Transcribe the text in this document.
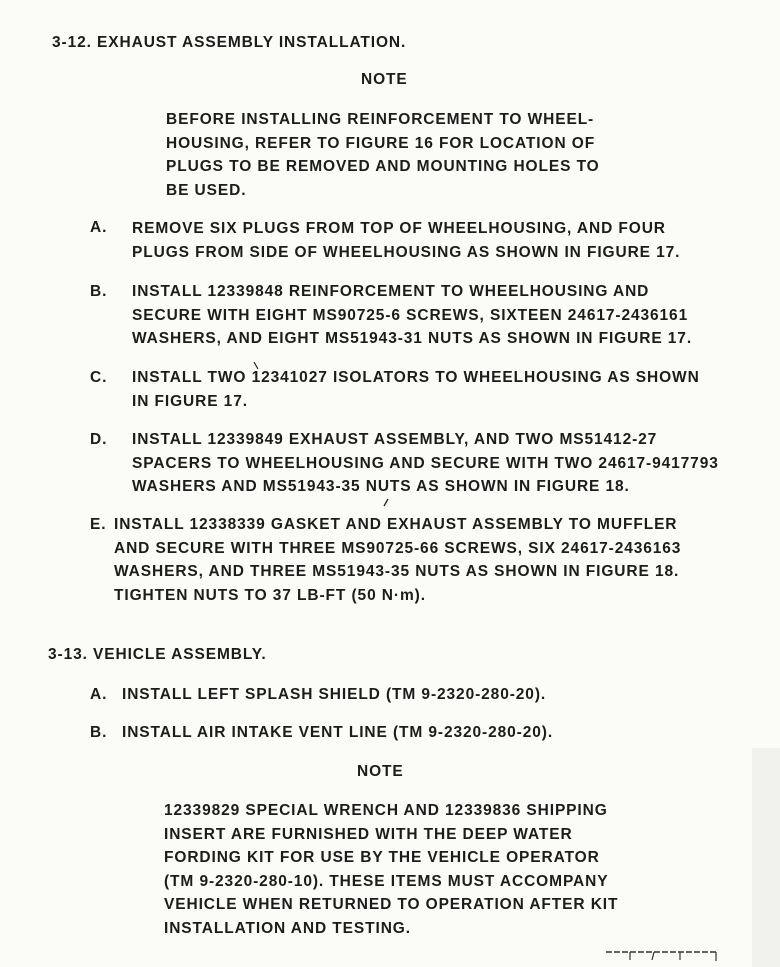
3-12. EXHAUST ASSEMBLY INSTALLATION.
NOTE
BEFORE INSTALLING REINFORCEMENT TO WHEEL-
HOUSING, REFER TO FIGURE 16 FOR LOCATION OF
PLUGS TO BE REMOVED AND MOUNTING HOLES TO
BE USED.
A. REMOVE SIX PLUGS FROM TOP OF WHEELHOUSING, AND FOUR
PLUGS FROM SIDE OF WHEELHOUSING AS SHOWN IN FIGURE 17.
B. INSTALL 12339848 REINFORCEMENT TO WHEELHOUSING AND
SECURE WITH EIGHT MS90725-6 SCREWS, SIXTEEN 24617-2436161
WASHERS, AND EIGHT MS51943-31 NUTS AS SHOWN IN FIGURE 17.
C. INSTALL TWO 12341027 ISOLATORS TO WHEELHOUSING AS SHOWN
IN FIGURE 17.
D. INSTALL 12339849 EXHAUST ASSEMBLY, AND TWO MS51412-27
SPACERS TO WHEELHOUSING AND SECURE WITH TWO 24617-9417793
WASHERS AND MS51943-35 NUTS AS SHOWN IN FIGURE 18.
E. INSTALL 12338339 GASKET AND EXHAUST ASSEMBLY TO MUFFLER
AND SECURE WITH THREE MS90725-66 SCREWS, SIX 24617-2436163
WASHERS, AND THREE MS51943-35 NUTS AS SHOWN IN FIGURE 18.
TIGHTEN NUTS TO 37 LB-FT (50 N·m).
3-13. VEHICLE ASSEMBLY.
A. INSTALL LEFT SPLASH SHIELD (TM 9-2320-280-20).
B. INSTALL AIR INTAKE VENT LINE (TM 9-2320-280-20).
NOTE
12339829 SPECIAL WRENCH AND 12339836 SHIPPING
INSERT ARE FURNISHED WITH THE DEEP WATER
FORDING KIT FOR USE BY THE VEHICLE OPERATOR
(TM 9-2320-280-10). THESE ITEMS MUST ACCOMPANY
VEHICLE WHEN RETURNED TO OPERATION AFTER KIT
INSTALLATION AND TESTING.
